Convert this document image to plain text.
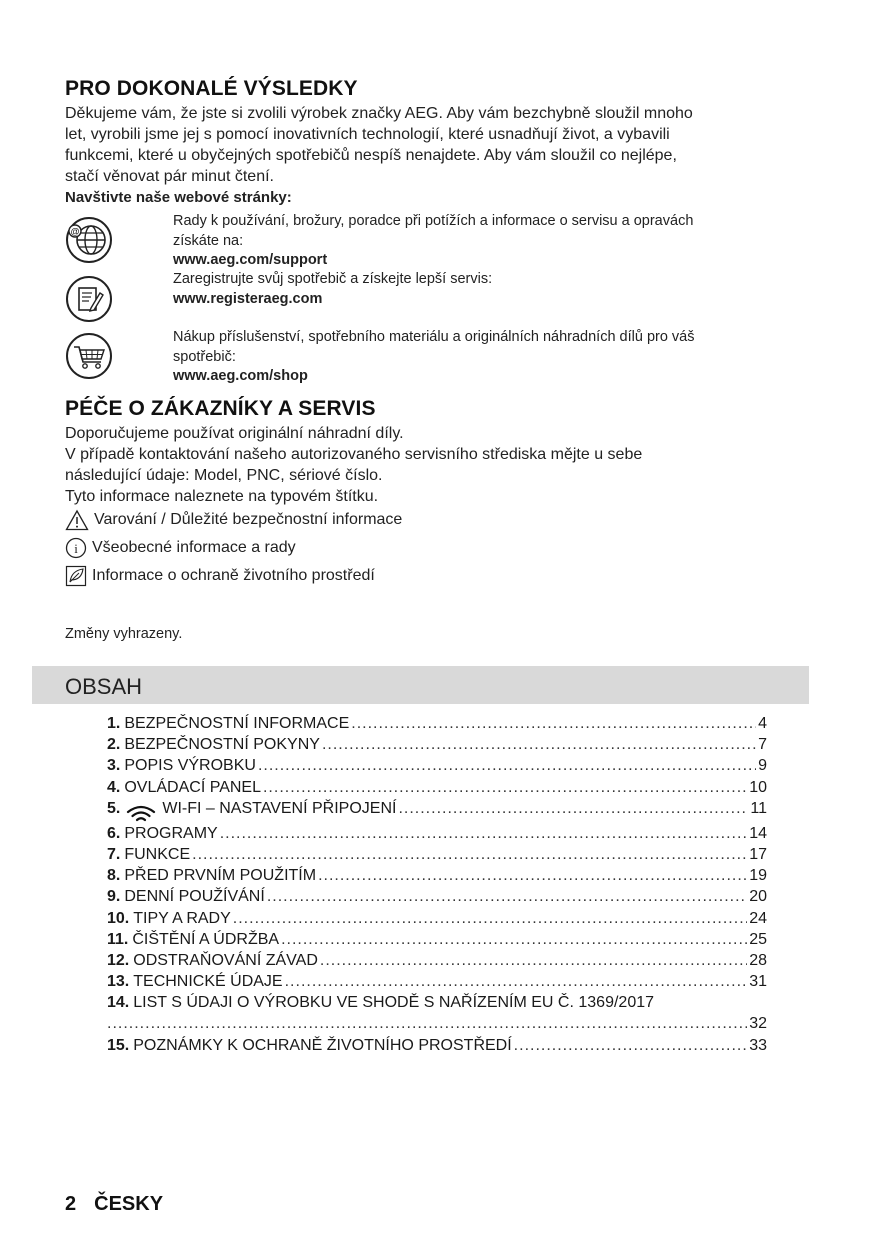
PRO DOKONALÉ VÝSLEDKY
Děkujeme vám, že jste si zvolili výrobek značky AEG. Aby vám bezchybně sloužil mnoho
let, vyrobili jsme jej s pomocí inovativních technologií, které usnadňují život, a vybavili
funkcemi, které u obyčejných spotřebičů nespíš nenajdete. Aby vám sloužil co nejlépe,
stačí věnovat pár minut čtení.
Navštivte naše webové stránky:
@
Rady k používání, brožury, poradce při potížích a informace o servisu a opravách
získáte na:
www.aeg.com/support
Zaregistrujte svůj spotřebič a získejte lepší servis:
www.registeraeg.com
Nákup příslušenství, spotřebního materiálu a originálních náhradních dílů pro váš
spotřebič:
www.aeg.com/shop
PÉČE O ZÁKAZNÍKY A SERVIS
Doporučujeme používat originální náhradní díly.
V případě kontaktování našeho autorizovaného servisního střediska mějte u sebe
následující údaje: Model, PNC, sériové číslo.
Tyto informace naleznete na typovém štítku.
Varování / Důležité bezpečnostní informace
i Všeobecné informace a rady
Informace o ochraně životního prostředí
Změny vyhrazeny.
OBSAH
1. BEZPEČNOSTNÍ INFORMACE .....	4
2. BEZPEČNOSTNÍ POKYNY .....	7
3. POPIS VÝROBKU .....	9
4. OVLÁDACÍ PANEL .....	10
5.	WI-FI – NASTAVENÍ PŘIPOJENÍ .....	11
6. PROGRAMY .....	14
7. FUNKCE .....	17
8. PŘED PRVNÍM POUŽITÍM .....	19
9. DENNÍ POUŽÍVÁNÍ .....	20
10. TIPY A RADY .....	24
11. ČIŠTĚNÍ A ÚDRŽBA .....	25
12. ODSTRAŇOVÁNÍ ZÁVAD .....	28
13. TECHNICKÉ ÚDAJE .....	31
14. LIST S ÚDAJI O VÝROBKU VE SHODĚ S NAŘÍZENÍM EU Č. 1369/2017
.....
32
15. POZNÁMKY K OCHRANĚ ŽIVOTNÍHO PROSTŘEDÍ .....	33
2 ČESKY
